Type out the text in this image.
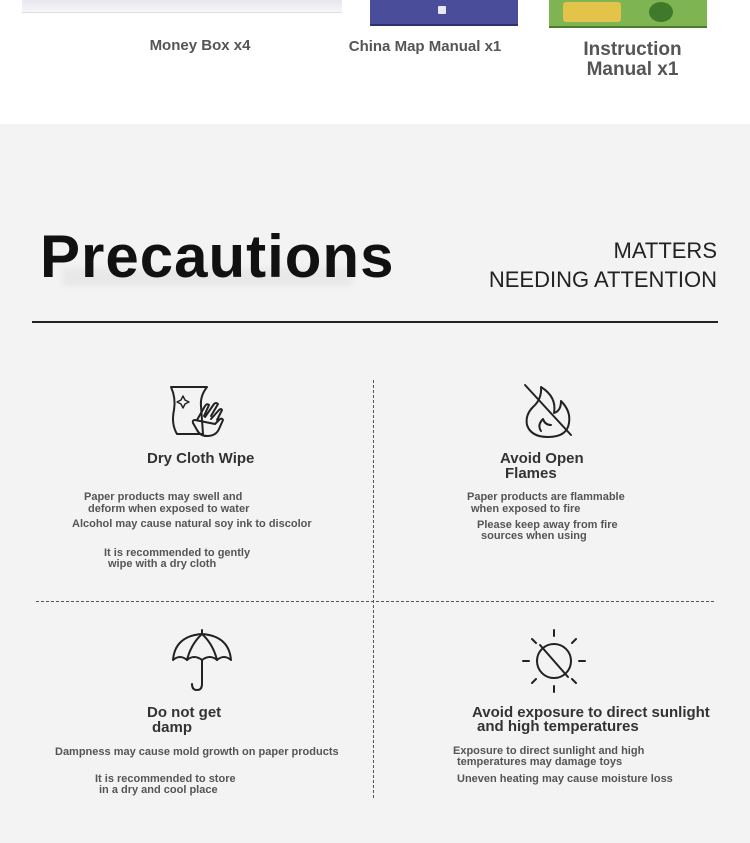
Money Box x4	China Map Manual x1	Instruction
Manual x1
Precautions	MATTERS
NEEDING ATTENTION
Dry Cloth Wipe
Paper products may swell and
deform when exposed to water
Alcohol may cause natural soy ink to discolor
It is recommended to gently
wipe with a dry cloth
Avoid Open
Flames
Paper products are flammable
when exposed to fire
Please keep away from fire
sources when using
Do not get
damp
Dampness may cause mold growth on paper products
It is recommended to store
in a dry and cool place
Avoid exposure to direct sunlight
and high temperatures
Exposure to direct sunlight and high
temperatures may damage toys
Uneven heating may cause moisture loss
